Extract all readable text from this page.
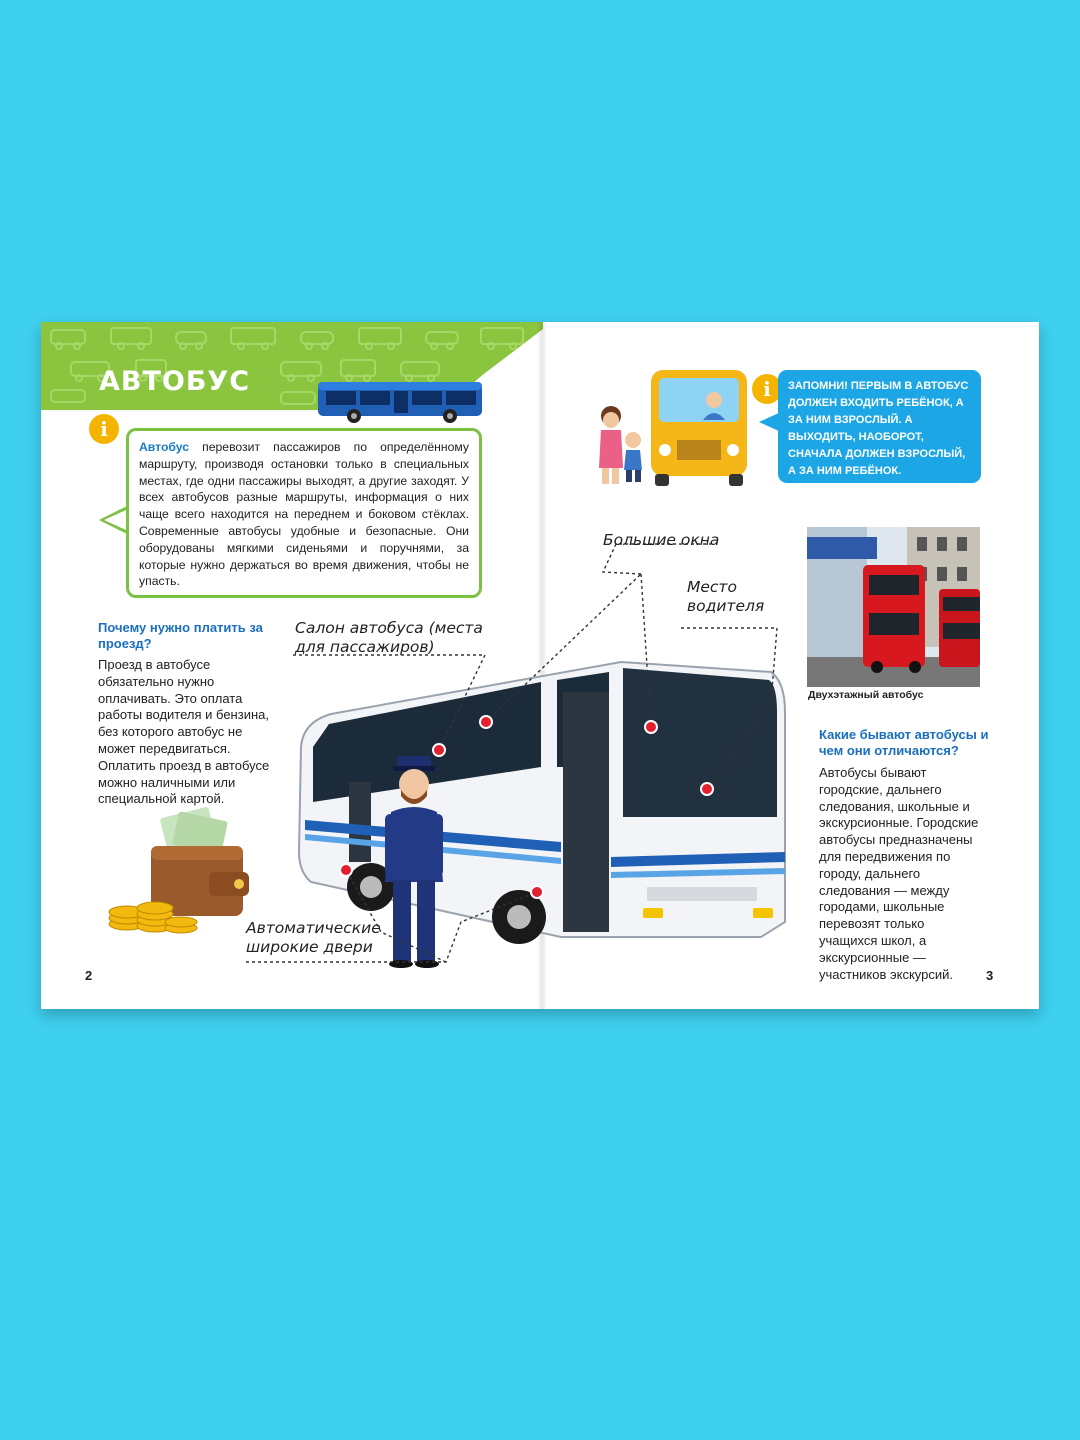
АВТОБУС
i
Автобус перевозит пассажиров по определённому маршруту, производя остановки только в специальных местах, где одни пассажиры выходят, а другие заходят. У всех автобусов разные маршруты, информация о них чаще всего находится на переднем и боковом стёклах. Современные автобусы удобные и безопасные. Они оборудованы мягкими сиденьями и поручнями, за которые нужно держаться во время движения, чтобы не упасть.
Почему нужно платить за проезд?
Проезд в автобусе обязательно нужно оплачивать. Это оплата работы водителя и бензина, без которого автобус не может передвигаться. Оплатить проезд в автобусе можно наличными или специальной картой.
Салон автобуса (места для пассажиров)
Автоматические широкие двери
2
i	ЗАПОМНИ! ПЕРВЫМ В АВТОБУС ДОЛЖЕН ВХОДИТЬ РЕБЁНОК, А ЗА НИМ ВЗРОСЛЫЙ. А ВЫХОДИТЬ, НАОБОРОТ, СНАЧАЛА ДОЛЖЕН ВЗРОСЛЫЙ, А ЗА НИМ РЕБЁНОК.
Большие окна
Место водителя
Двухэтажный автобус
Какие бывают автобусы и чем они отличаются?
Автобусы бывают городские, дальнего следования, школьные и экскурсионные. Городские автобусы предназначены для передвижения по городу, дальнего следования — между городами, школьные перевозят только учащихся школ, а экскурсионные — участников экскурсий.	3
